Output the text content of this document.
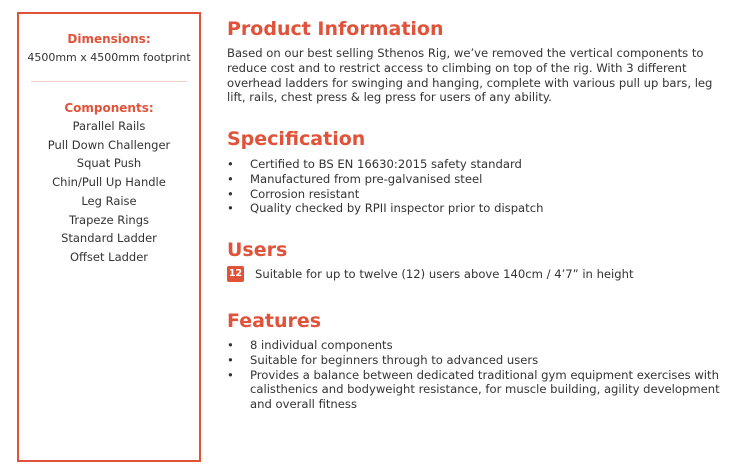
Dimensions:
4500mm x 4500mm footprint
Components:
Parallel Rails
Pull Down Challenger
Squat Push
Chin/Pull Up Handle
Leg Raise
Trapeze Rings
Standard Ladder
Offset Ladder
Product Information

Based on our best selling Sthenos Rig, we’ve removed the vertical components to reduce cost and to restrict access to climbing on top of the rig. With 3 different overhead ladders for swinging and hanging, complete with various pull up bars, leg lift, rails, chest press & leg press for users of any ability.

Specification
• Certified to BS EN 16630:2015 safety standard
• Manufactured from pre-galvanised steel
• Corrosion resistant
• Quality checked by RPII inspector prior to dispatch
Users
12 Suitable for up to twelve (12) users above 140cm / 4’7” in height
Features
• 8 individual components
• Suitable for beginners through to advanced users
• Provides a balance between dedicated traditional gym equipment exercises with calisthenics and bodyweight resistance, for muscle building, agility development and overall fitness
